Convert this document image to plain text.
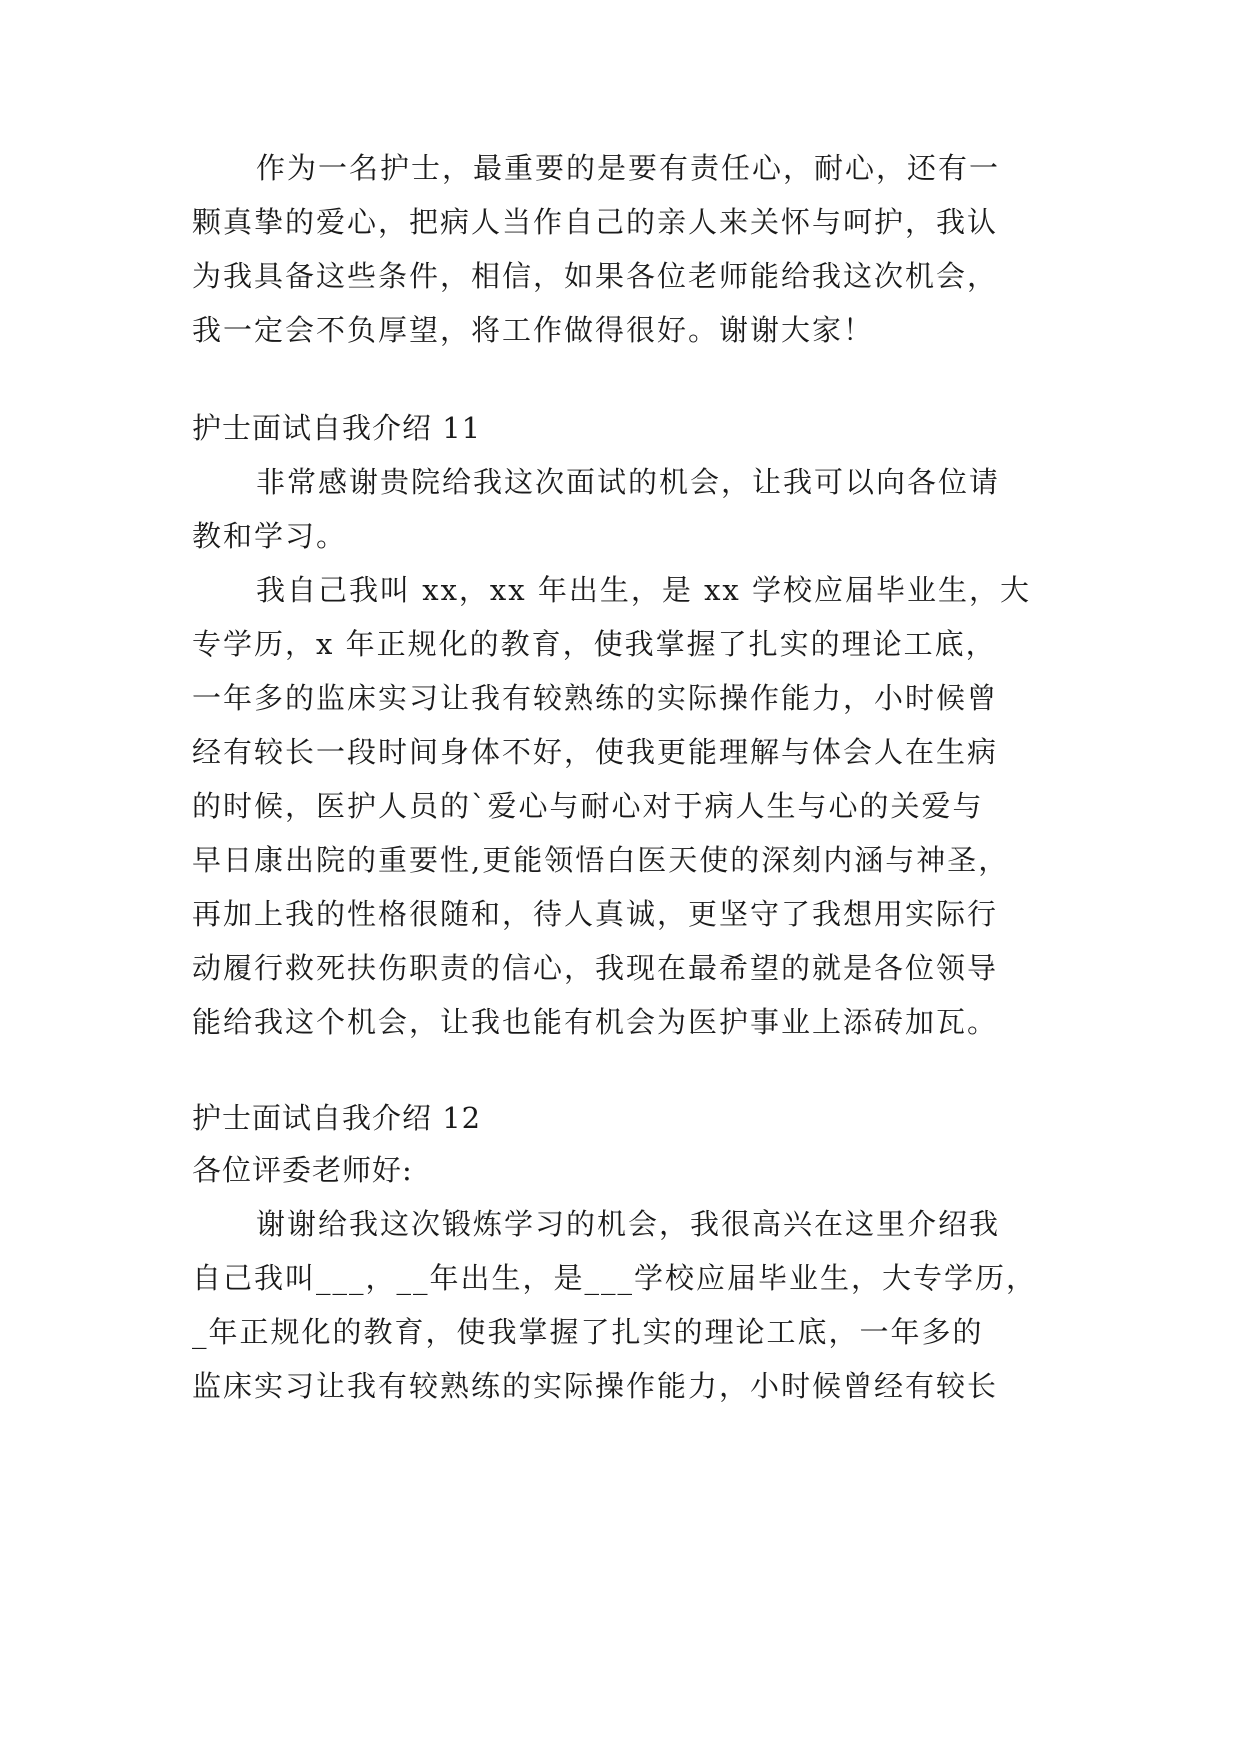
作为一名护士，最重要的是要有责任心，耐心，还有一
颗真挚的爱心，把病人当作自己的亲人来关怀与呵护，我认
为我具备这些条件，相信，如果各位老师能给我这次机会，
我一定会不负厚望，将工作做得很好。谢谢大家！
护士面试自我介绍 11
非常感谢贵院给我这次面试的机会，让我可以向各位请
教和学习。
我自己我叫 xx，xx 年出生，是 xx 学校应届毕业生，大
专学历，x 年正规化的教育，使我掌握了扎实的理论工底，
一年多的监床实习让我有较熟练的实际操作能力，小时候曾
经有较长一段时间身体不好，使我更能理解与体会人在生病
的时候，医护人员的`爱心与耐心对于病人生与心的关爱与
早日康出院的重要性,更能领悟白医天使的深刻内涵与神圣，
再加上我的性格很随和，待人真诚，更坚守了我想用实际行
动履行救死扶伤职责的信心，我现在最希望的就是各位领导
能给我这个机会，让我也能有机会为医护事业上添砖加瓦。
护士面试自我介绍 12
各位评委老师好:
谢谢给我这次锻炼学习的机会，我很高兴在这里介绍我
自己我叫___，__年出生，是___学校应届毕业生，大专学历，
_年正规化的教育，使我掌握了扎实的理论工底，一年多的
监床实习让我有较熟练的实际操作能力，小时候曾经有较长
